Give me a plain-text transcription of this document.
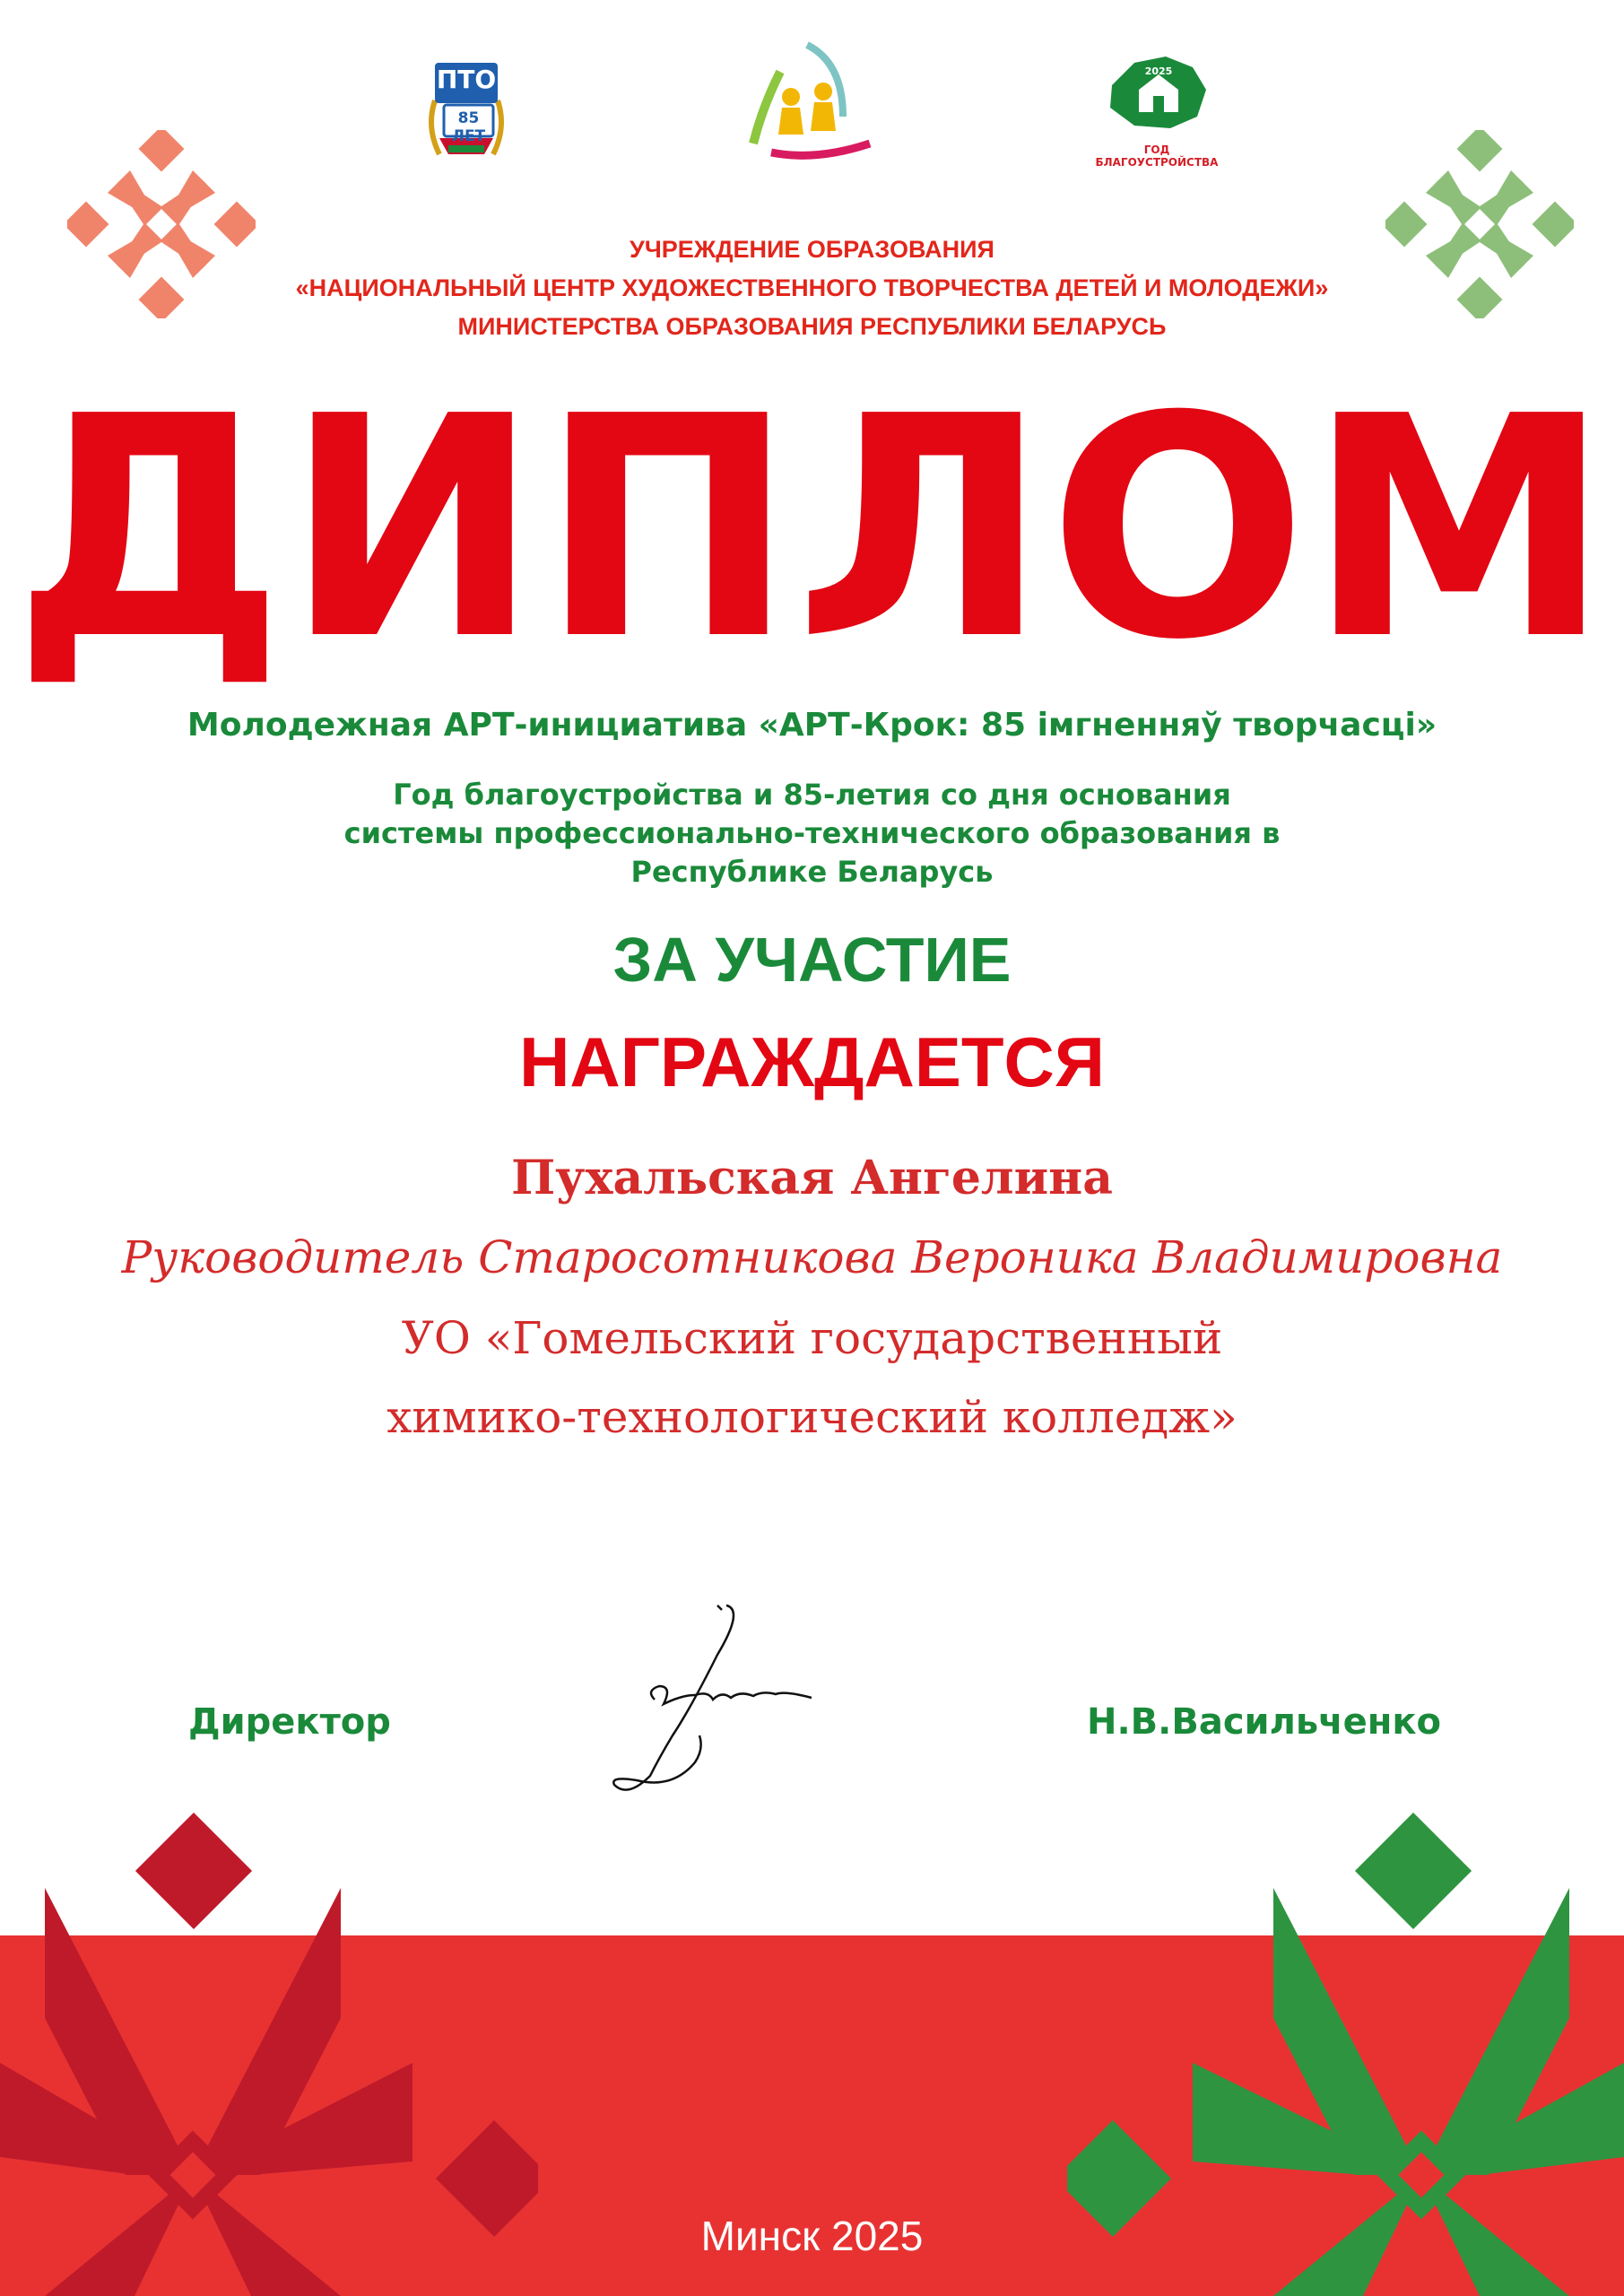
ПТО
85 ЛЕТ
2025
ГОД БЛАГОУСТРОЙСТВА
УЧРЕЖДЕНИЕ ОБРАЗОВАНИЯ
«НАЦИОНАЛЬНЫЙ ЦЕНТР ХУДОЖЕСТВЕННОГО ТВОРЧЕСТВА ДЕТЕЙ И МОЛОДЕЖИ»
МИНИСТЕРСТВА ОБРАЗОВАНИЯ РЕСПУБЛИКИ БЕЛАРУСЬ
ДИПЛОМ
Молодежная АРТ-инициатива «АРТ-Крок: 85 імгненняў творчасці»
Год благоустройства и 85-летия со дня основания
системы профессионально-технического образования в
Республике Беларусь
ЗА УЧАСТИЕ
НАГРАЖДАЕТСЯ
Пухальская Ангелина
Руководитель Старосотникова Вероника Владимировна
УО «Гомельский государственный
химико-технологический колледж»
Директор	Н.В.Васильченко
Минск 2025
